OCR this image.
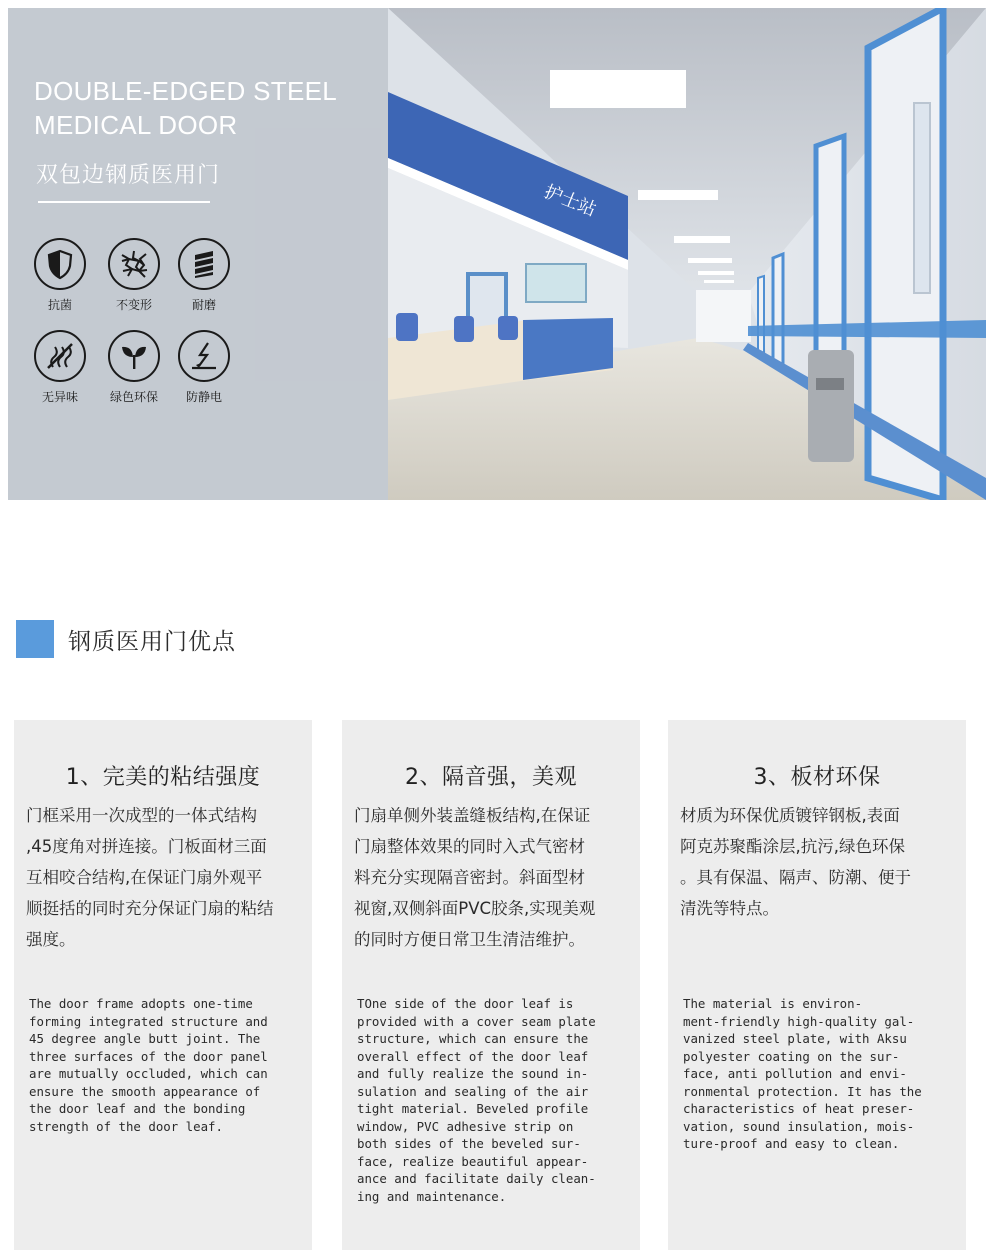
护士站
DOUBLE-EDGED STEEL
MEDICAL DOOR
双包边钢质医用门
抗菌	不变形	耐磨
无异味	绿色环保	防静电
钢质医用门优点
1、完美的粘结强度
门框采用一次成型的一体式结构
,45度角对拼连接。门板面材三面
互相咬合结构,在保证门扇外观平
顺挺括的同时充分保证门扇的粘结
强度。
The door frame adopts one-time
forming integrated structure and
45 degree angle butt joint. The
three surfaces of the door panel
are mutually occluded, which can
ensure the smooth appearance of
the door leaf and the bonding
strength of the door leaf.
2、隔音强，美观
门扇单侧外装盖缝板结构,在保证
门扇整体效果的同时入式气密材
料充分实现隔音密封。斜面型材
视窗,双侧斜面PVC胶条,实现美观
的同时方便日常卫生清洁维护。
TOne side of the door leaf is
provided with a cover seam plate
structure, which can ensure the
overall effect of the door leaf
and fully realize the sound in-
sulation and sealing of the air
tight material. Beveled profile
window, PVC adhesive strip on
both sides of the beveled sur-
face, realize beautiful appear-
ance and facilitate daily clean-
ing and maintenance.
3、板材环保
材质为环保优质镀锌钢板,表面
阿克苏聚酯涂层,抗污,绿色环保
。具有保温、隔声、防潮、便于
清洗等特点。
The material is environ-
ment-friendly high-quality gal-
vanized steel plate, with Aksu
polyester coating on the sur-
face, anti pollution and envi-
ronmental protection. It has the
characteristics of heat preser-
vation, sound insulation, mois-
ture-proof and easy to clean.
